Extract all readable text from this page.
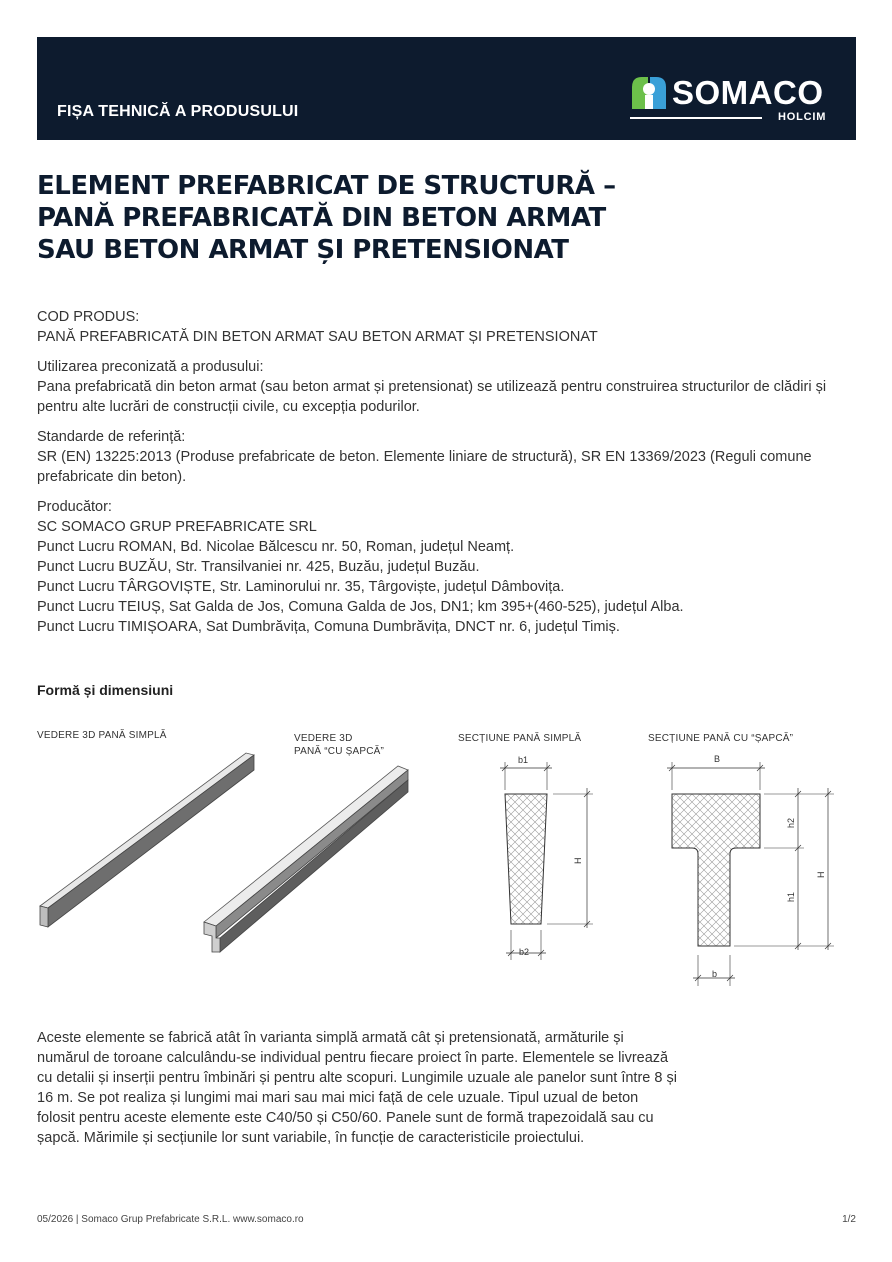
FIȘA TEHNICĂ A PRODUSULUI
SOMACO
HOLCIM
ELEMENT PREFABRICAT DE STRUCTURĂ –
PANĂ PREFABRICATĂ DIN BETON ARMAT
SAU BETON ARMAT ȘI PRETENSIONAT

COD PRODUS:

PANĂ PREFABRICATĂ DIN BETON ARMAT SAU BETON ARMAT ȘI PRETENSIONAT

Utilizarea preconizată a produsului:

Pana prefabricată din beton armat (sau beton armat și pretensionat) se utilizează pentru construirea structurilor de clădiri și pentru alte lucrări de construcții civile, cu excepția podurilor.

Standarde de referință:

SR (EN) 13225:2013 (Produse prefabricate de beton. Elemente liniare de structură), SR EN 13369/2023 (Reguli comune prefabricate din beton).

Producător:

SC SOMACO GRUP PREFABRICATE SRL

Punct Lucru ROMAN, Bd. Nicolae Bălcescu nr. 50, Roman, județul Neamț.

Punct Lucru BUZĂU, Str. Transilvaniei nr. 425, Buzău, județul Buzău.

Punct Lucru TÂRGOVIȘTE, Str. Laminorului nr. 35, Târgoviște, județul Dâmbovița.

Punct Lucru TEIUȘ, Sat Galda de Jos, Comuna Galda de Jos, DN1; km 395+(460-525), județul Alba.

Punct Lucru TIMIȘOARA, Sat Dumbrăvița, Comuna Dumbrăvița, DNCT nr. 6, județul Timiș.

Formă și dimensiuni
VEDERE 3D PANĂ SIMPLĂ	VEDERE 3D
PANĂ “CU ȘAPCĂ”
SECȚIUNE PANĂ SIMPLĂ	SECȚIUNE PANĂ CU “ȘAPCĂ”
b1
H
b2
B
h2
h1
H
b

Aceste elemente se fabrică atât în varianta simplă armată cât și pretensionată, armăturile și numărul de toroane calculându-se individual pentru fiecare proiect în parte. Elementele se livrează cu detalii și inserții pentru îmbinări și pentru alte scopuri. Lungimile uzuale ale panelor sunt între 8 și 16 m. Se pot realiza și lungimi mai mari sau mai mici față de cele uzuale. Tipul uzual de beton folosit pentru aceste elemente este C40/50 și C50/60. Panele sunt de formă trapezoidală sau cu șapcă. Mărimile și secțiunile lor sunt variabile, în funcție de caracteristicile proiectului.

05/2026 | Somaco Grup Prefabricate S.R.L. www.somaco.ro	1/2
